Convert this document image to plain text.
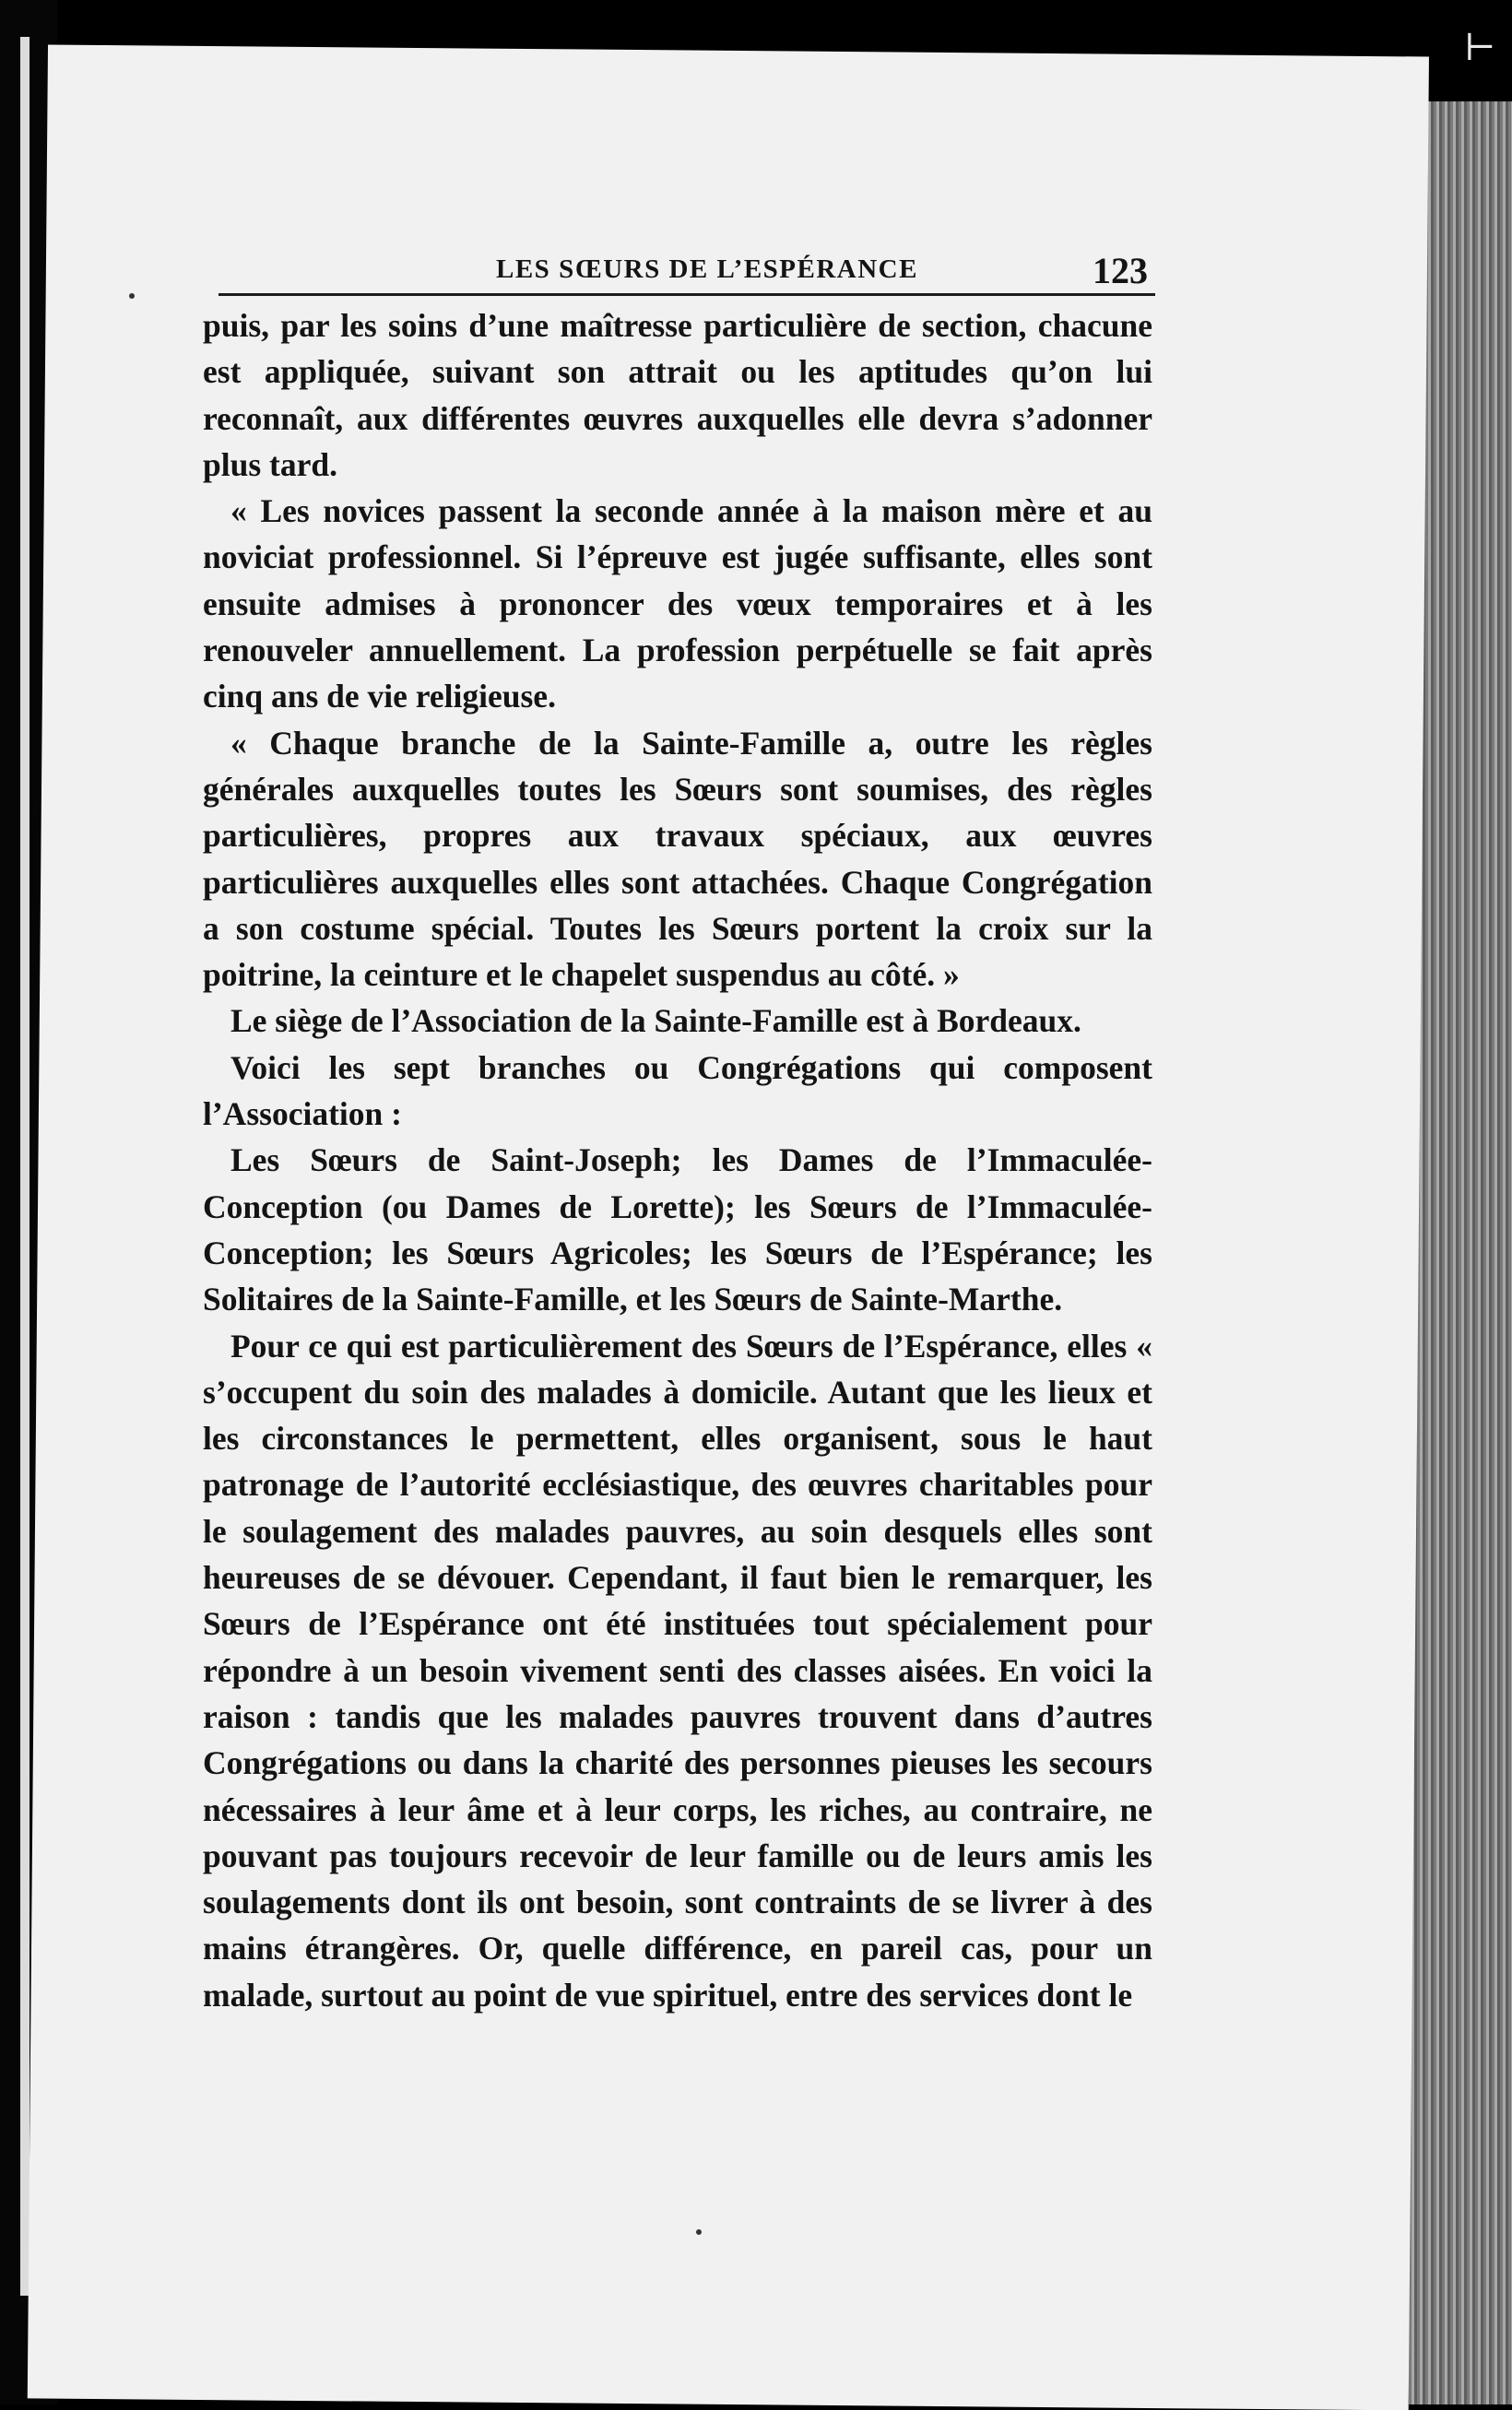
⊢
LES SŒURS DE L’ESPÉRANCE	123

puis, par les soins d’une maîtresse particulière de section, chacune est appliquée, suivant son attrait ou les aptitudes qu’on lui reconnaît, aux différentes œuvres auxquelles elle devra s’adonner plus tard.

« Les novices passent la seconde année à la maison mère et au noviciat professionnel. Si l’épreuve est jugée suffisante, elles sont ensuite admises à prononcer des vœux temporaires et à les renouveler annuellement. La profession perpétuelle se fait après cinq ans de vie religieuse.

« Chaque branche de la Sainte-Famille a, outre les règles générales auxquelles toutes les Sœurs sont soumises, des règles particulières, propres aux travaux spéciaux, aux œuvres particulières auxquelles elles sont attachées. Chaque Congrégation a son costume spécial. Toutes les Sœurs portent la croix sur la poitrine, la ceinture et le chapelet suspendus au côté. »

Le siège de l’Association de la Sainte-Famille est à Bordeaux.

Voici les sept branches ou Congrégations qui composent l’Association :

Les Sœurs de Saint-Joseph; les Dames de l’Immaculée-Conception (ou Dames de Lorette); les Sœurs de l’Immaculée-Conception; les Sœurs Agricoles; les Sœurs de l’Espérance; les Solitaires de la Sainte-Famille, et les Sœurs de Sainte-Marthe.

Pour ce qui est particulièrement des Sœurs de l’Espérance, elles « s’occupent du soin des malades à domicile. Autant que les lieux et les circonstances le permettent, elles organisent, sous le haut patronage de l’autorité ecclésiastique, des œuvres charitables pour le soulagement des malades pauvres, au soin desquels elles sont heureuses de se dévouer. Cependant, il faut bien le remarquer, les Sœurs de l’Espérance ont été instituées tout spécialement pour répondre à un besoin vivement senti des classes aisées. En voici la raison : tandis que les malades pauvres trouvent dans d’autres Congrégations ou dans la charité des personnes pieuses les secours nécessaires à leur âme et à leur corps, les riches, au contraire, ne pouvant pas toujours recevoir de leur famille ou de leurs amis les soulagements dont ils ont besoin, sont contraints de se livrer à des mains étrangères. Or, quelle différence, en pareil cas, pour un malade, surtout au point de vue spirituel, entre des services dont le
